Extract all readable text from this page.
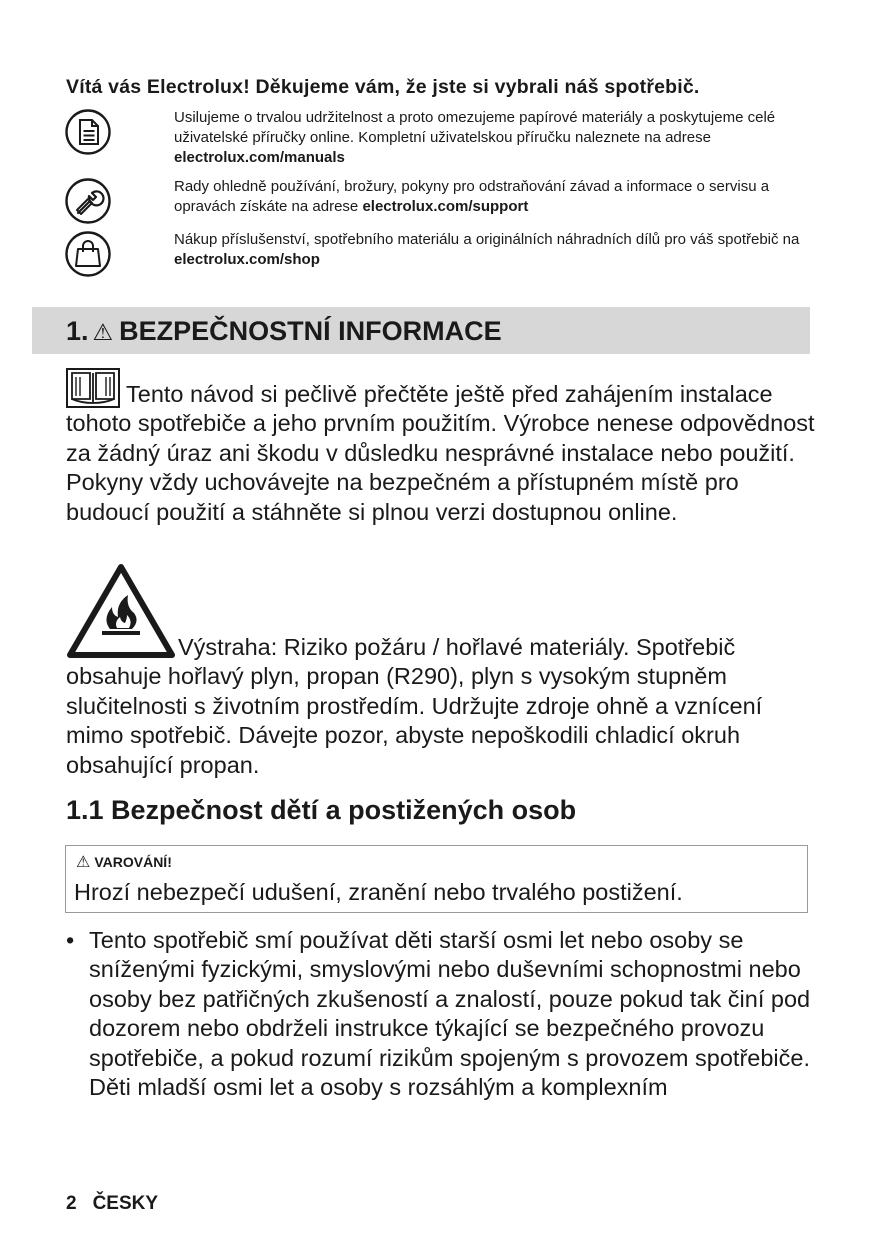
Vítá vás Electrolux! Děkujeme vám, že jste si vybrali náš spotřebič.
Usilujeme o trvalou udržitelnost a proto omezujeme papírové materiály a poskytujeme celé uživatelské příručky online. Kompletní uživatelskou příručku naleznete na adrese electrolux.com/manuals
Rady ohledně používání, brožury, pokyny pro odstraňování závad a informace o servisu a opravách získáte na adrese electrolux.com/support
Nákup příslušenství, spotřebního materiálu a originálních náhradních dílů pro váš spotřebič na electrolux.com/shop
1. ⚠ BEZPEČNOSTNÍ INFORMACE
Tento návod si pečlivě přečtěte ještě před zahájením instalace tohoto spotřebiče a jeho prvním použitím. Výrobce nenese odpovědnost za žádný úraz ani škodu v důsledku nesprávné instalace nebo použití. Pokyny vždy uchovávejte na bezpečném a přístupném místě pro budoucí použití a stáhněte si plnou verzi dostupnou online.
Výstraha: Riziko požáru / hořlavé materiály. Spotřebič obsahuje hořlavý plyn, propan (R290), plyn s vysokým stupněm slučitelnosti s životním prostředím. Udržujte zdroje ohně a vznícení mimo spotřebič. Dávejte pozor, abyste nepoškodili chladicí okruh obsahující propan.
1.1 Bezpečnost dětí a postižených osob
⚠ VAROVÁNÍ!
Hrozí nebezpečí udušení, zranění nebo trvalého postižení.
• Tento spotřebič smí používat děti starší osmi let nebo osoby se sníženými fyzickými, smyslovými nebo duševními schopnostmi nebo osoby bez patřičných zkušeností a znalostí, pouze pokud tak činí pod dozorem nebo obdrželi instrukce týkající se bezpečného provozu spotřebiče, a pokud rozumí rizikům spojeným s provozem spotřebiče. Děti mladší osmi let a osoby s rozsáhlým a komplexním
2 ČESKY
